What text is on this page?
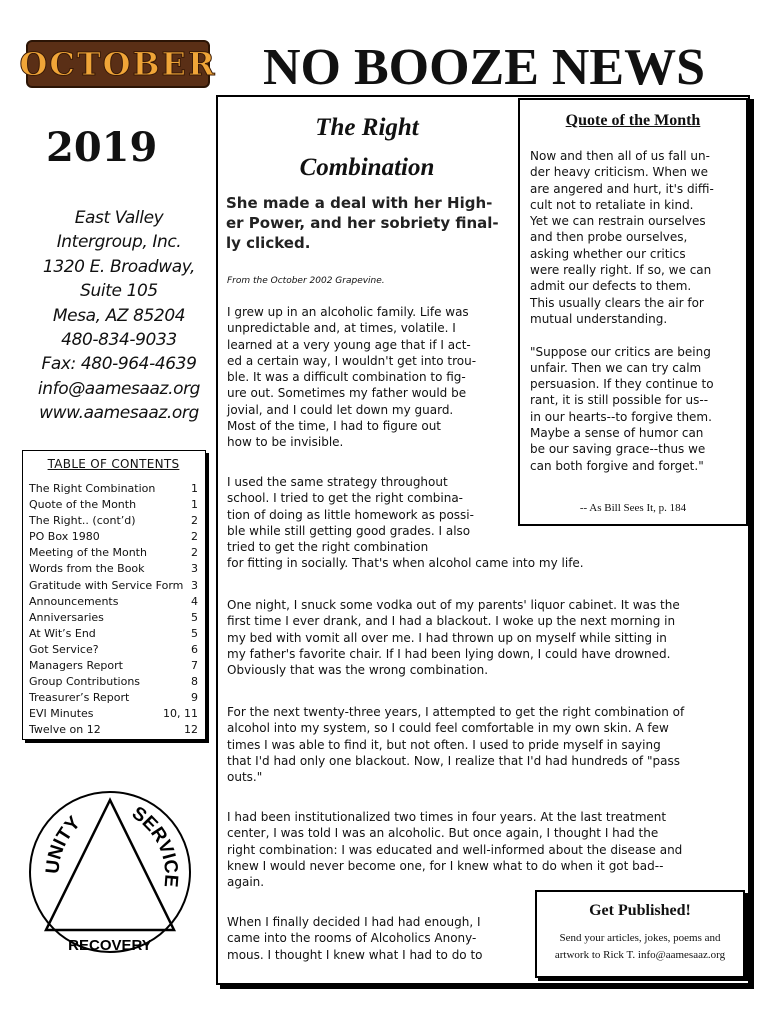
OCTOBER NO BOOZE NEWS
2019
East Valley
Intergroup, Inc.
1320 E. Broadway,
Suite 105
Mesa, AZ 85204
480-834-9033
Fax: 480-964-4639
info@aamesaaz.org
www.aamesaaz.org
TABLE OF CONTENTS
The Right Combination	1
Quote of the Month	1
The Right.. (cont’d)	2
PO Box 1980	2
Meeting of the Month	2
Words from the Book	3
Gratitude with Service Form 3
Announcements	4
Anniversaries	5
At Wit’s End	5
Got Service?	6
Managers Report	7
Group Contributions	8
Treasurer’s Report	9
EVI Minutes	10, 11
Twelve on 12	12
UNITY SERVICE
RECOVERY
The Right
Combination
She made a deal with her High-
er Power, and her sobriety final-
ly clicked.
From the October 2002 Grapevine.
I grew up in an alcoholic family. Life was
unpredictable and, at times, volatile. I
learned at a very young age that if I act-
ed a certain way, I wouldn't get into trou-
ble. It was a difficult combination to fig-
ure out. Sometimes my father would be
jovial, and I could let down my guard.
Most of the time, I had to figure out
how to be invisible.
I used the same strategy throughout
school. I tried to get the right combina-
tion of doing as little homework as possi-
ble while still getting good grades. I also
tried to get the right combination
for fitting in socially. That's when alcohol came into my life.
One night, I snuck some vodka out of my parents' liquor cabinet. It was the
first time I ever drank, and I had a blackout. I woke up the next morning in
my bed with vomit all over me. I had thrown up on myself while sitting in
my father's favorite chair. If I had been lying down, I could have drowned.
Obviously that was the wrong combination.
For the next twenty-three years, I attempted to get the right combination of
alcohol into my system, so I could feel comfortable in my own skin. A few
times I was able to find it, but not often. I used to pride myself in saying
that I'd had only one blackout. Now, I realize that I'd had hundreds of "pass
outs."
I had been institutionalized two times in four years. At the last treatment
center, I was told I was an alcoholic. But once again, I thought I had the
right combination: I was educated and well-informed about the disease and
knew I would never become one, for I knew what to do when it got bad--
again.
When I finally decided I had had enough, I
came into the rooms of Alcoholics Anony-
mous. I thought I knew what I had to do to
Quote of the Month
Now and then all of us fall un-
der heavy criticism. When we
are angered and hurt, it's diffi-
cult not to retaliate in kind.
Yet we can restrain ourselves
and then probe ourselves,
asking whether our critics
were really right. If so, we can
admit our defects to them.
This usually clears the air for
mutual understanding.

"Suppose our critics are being
unfair. Then we can try calm
persuasion. If they continue to
rant, it is still possible for us--
in our hearts--to forgive them.
Maybe a sense of humor can
be our saving grace--thus we
can both forgive and forget."
-- As Bill Sees It, p. 184
Get Published!
Send your articles, jokes, poems and
artwork to Rick T. info@aamesaaz.org
